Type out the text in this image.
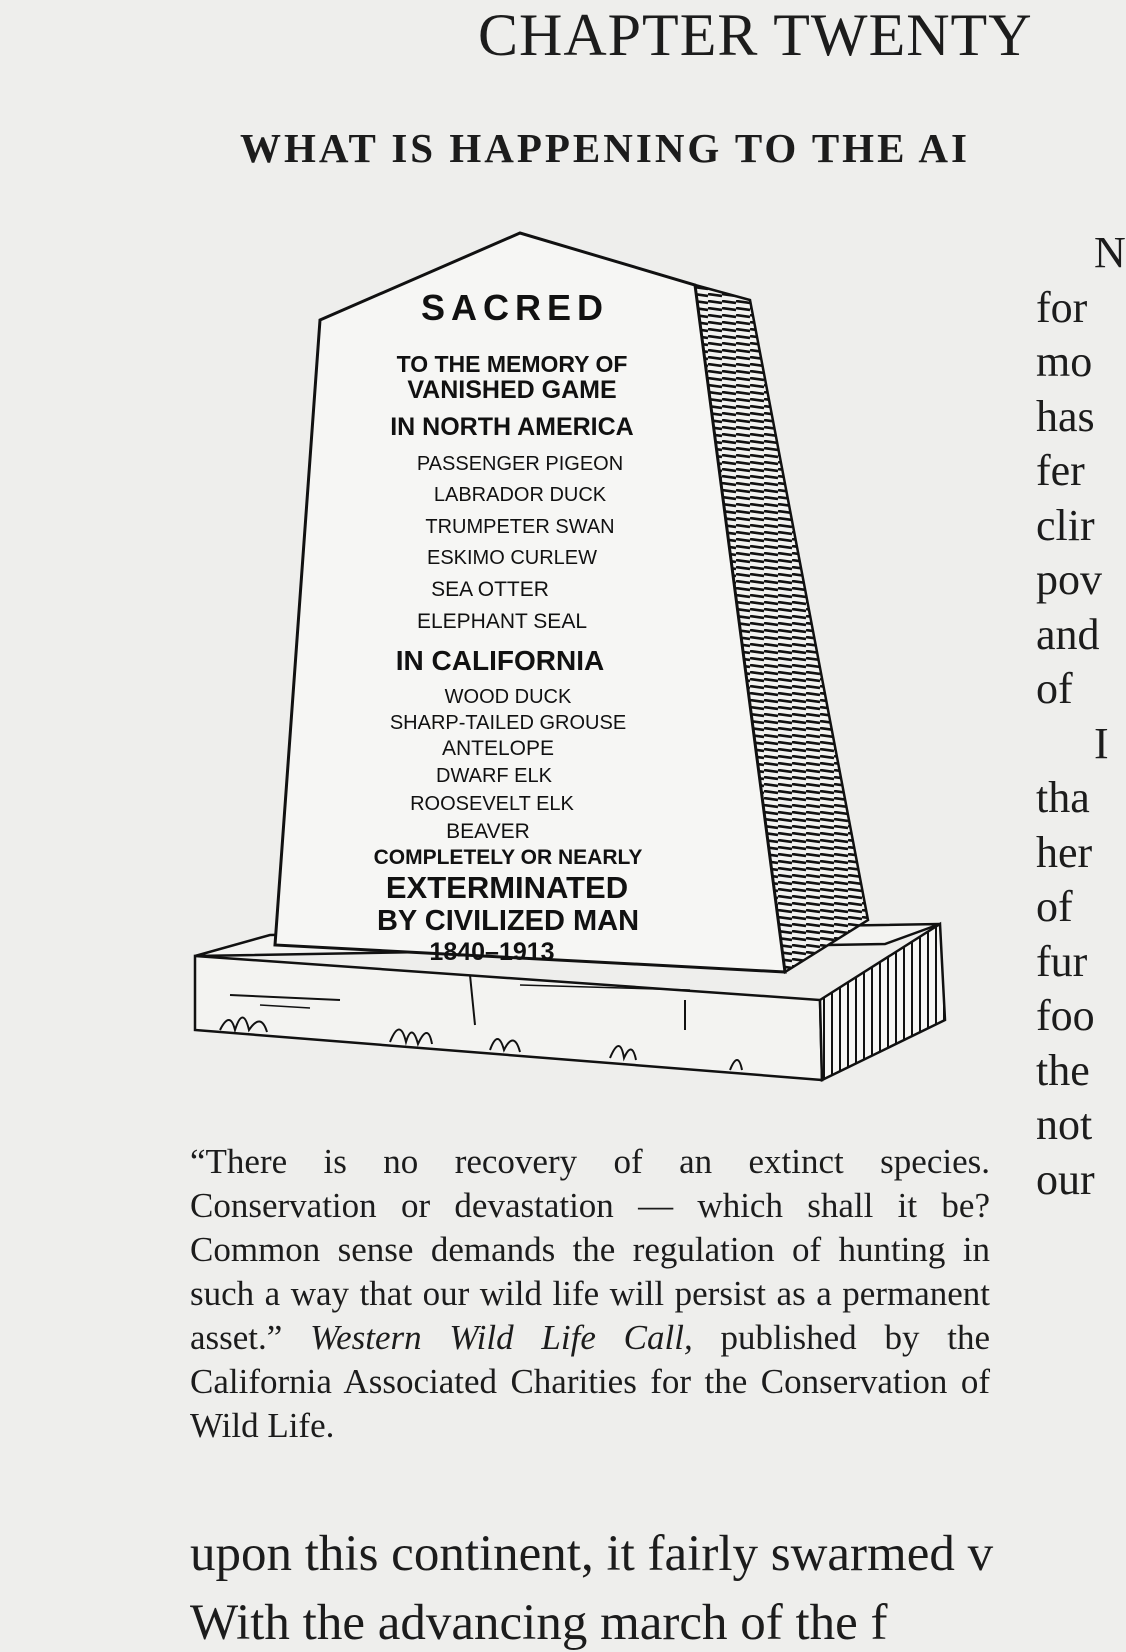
CHAPTER TWENTY
WHAT IS HAPPENING TO THE AI
N
for
mo
has
fer
clir
pov
and
of
I
tha
her
of
fur
foo
the
not
our
SACRED
TO THE MEMORY OF
VANISHED GAME
IN NORTH AMERICA
PASSENGER PIGEON
LABRADOR DUCK
TRUMPETER SWAN
ESKIMO CURLEW
SEA OTTER
ELEPHANT SEAL
IN CALIFORNIA
WOOD DUCK
SHARP-TAILED GROUSE
ANTELOPE
DWARF ELK
ROOSEVELT ELK
BEAVER
COMPLETELY OR NEARLY
EXTERMINATED
BY CIVILIZED MAN
1840–1913
“There is no recovery of an extinct species. Conservation or devastation — which shall it be? Common sense demands the regulation of hunting in such a way that our wild life will persist as a permanent asset.” Western Wild Life Call, published by the California Associated Charities for the Conservation of Wild Life.
upon this continent, it fairly swarmed v
With the advancing march of the f
